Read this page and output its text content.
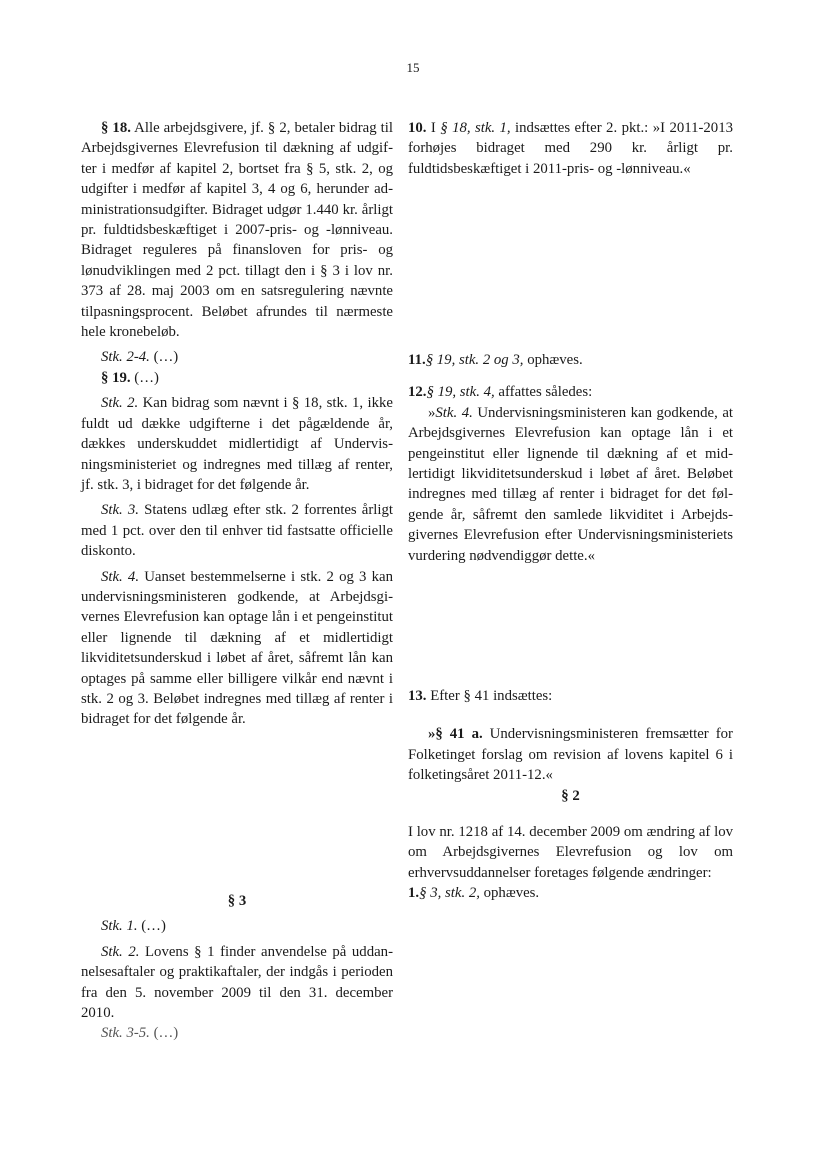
15

§ 18. Alle arbejdsgivere, jf. § 2, betaler bidrag til Arbejdsgivernes Elevrefusion til dækning af udgifter i medfør af kapitel 2, bortset fra § 5, stk. 2, og udgifter i medfør af kapitel 3, 4 og 6, herunder administrationsudgifter. Bidraget udgør 1.440 kr. årligt pr. fuldtidsbeskæftiget i 2007-pris- og -lønniveau. Bidraget reguleres på finansloven for pris- og lønudviklingen med 2 pct. tillagt den i § 3 i lov nr. 373 af 28. maj 2003 om en satsregulering nævnte tilpasningsprocent. Beløbet afrundes til nærmeste hele kronebeløb.

Stk. 2-4. (…)

§ 19. (…)

Stk. 2. Kan bidrag som nævnt i § 18, stk. 1, ikke fuldt ud dække udgifterne i det pågældende år, dækkes underskuddet midlertidigt af Undervisningsministeriet og indregnes med tillæg af renter, jf. stk. 3, i bidraget for det følgende år.

Stk. 3. Statens udlæg efter stk. 2 forrentes årligt med 1 pct. over den til enhver tid fastsatte officielle diskonto.

Stk. 4. Uanset bestemmelserne i stk. 2 og 3 kan undervisningsministeren godkende, at Arbejdsgivernes Elevrefusion kan optage lån i et pengeinstitut eller lignende til dækning af et midlertidigt likviditetsunderskud i løbet af året, såfremt lån kan optages på samme eller billigere vilkår end nævnt i stk. 2 og 3. Beløbet indregnes med tillæg af renter i bidraget for det følgende år.

§ 3

Stk. 1. (…)

Stk. 2. Lovens § 1 finder anvendelse på uddannelsesaftaler og praktikaftaler, der indgås i perioden fra den 5. november 2009 til den 31. december 2010.

Stk. 3-5. (…)

10. I § 18, stk. 1, indsættes efter 2. pkt.: »I 2011-2013 forhøjes bidraget med 290 kr. årligt pr. fuldtidsbeskæftiget i 2011-pris- og -lønniveau.«

11.§ 19, stk. 2 og 3, ophæves.

12.§ 19, stk. 4, affattes således:

»Stk. 4. Undervisningsministeren kan godkende, at Arbejdsgivernes Elevrefusion kan optage lån i et pengeinstitut eller lignende til dækning af et midlertidigt likviditetsunderskud i løbet af året. Beløbet indregnes med tillæg af renter i bidraget for det følgende år, såfremt den samlede likviditet i Arbejdsgivernes Elevrefusion efter Undervisningsministeriets vurdering nødvendiggør dette.«

13. Efter § 41 indsættes:

»§ 41 a. Undervisningsministeren fremsætter for Folketinget forslag om revision af lovens kapitel 6 i folketingsåret 2011-12.«

§ 2

I lov nr. 1218 af 14. december 2009 om ændring af lov om Arbejdsgivernes Elevrefusion og lov om erhvervsuddannelser foretages følgende ændringer:

1.§ 3, stk. 2, ophæves.
